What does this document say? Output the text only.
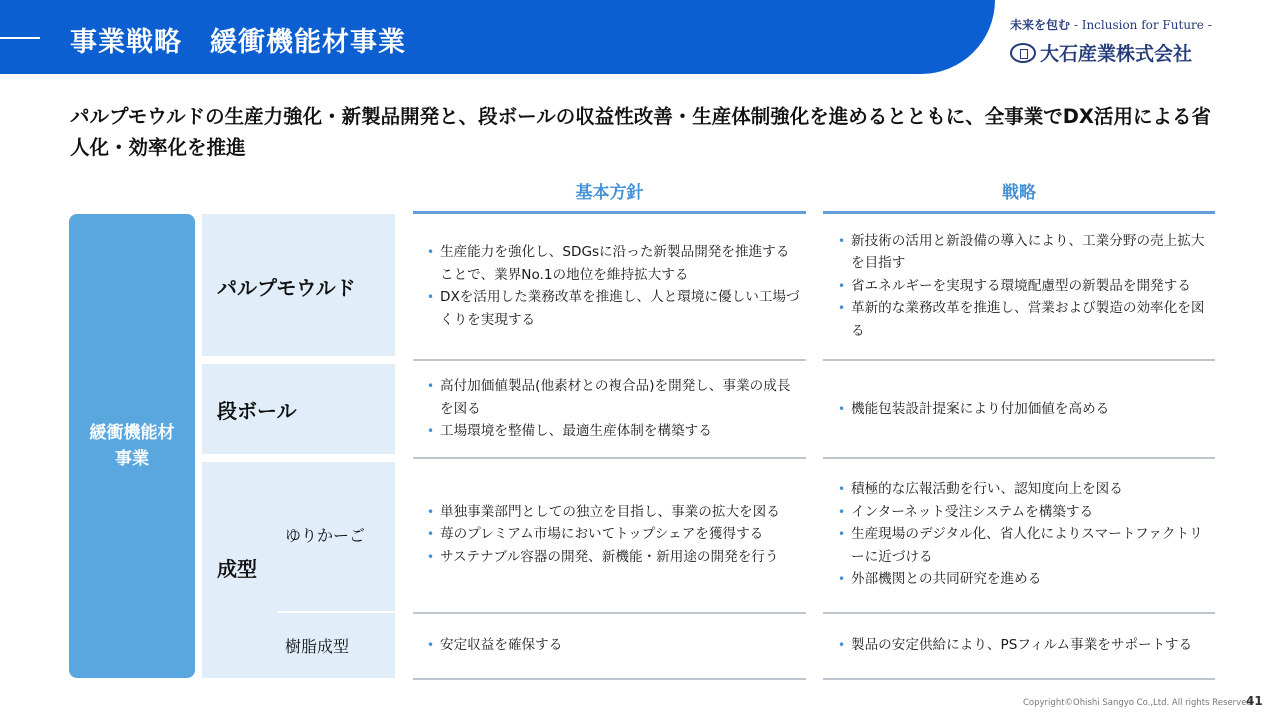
事業戦略　緩衝機能材事業
未来を包む - Inclusion for Future -
大石産業株式会社
パルプモウルドの生産力強化・新製品開発と、段ボールの収益性改善・生産体制強化を進めるとともに、全事業でDX活用による省人化・効率化を推進
基本方針	戦略
緩衝機能材
事業
パルプモウルド
段ボール
成型
ゆりかーご
樹脂成型
• 生産能力を強化し、SDGsに沿った新製品開発を推進することで、業界No.1の地位を維持拡大する
• DXを活用した業務改革を推進し、人と環境に優しい工場づくりを実現する
• 新技術の活用と新設備の導入により、工業分野の売上拡大を目指す
• 省エネルギーを実現する環境配慮型の新製品を開発する
• 革新的な業務改革を推進し、営業および製造の効率化を図る
• 高付加価値製品(他素材との複合品)を開発し、事業の成長を図る
• 工場環境を整備し、最適生産体制を構築する
• 機能包装設計提案により付加価値を高める
• 単独事業部門としての独立を目指し、事業の拡大を図る
• 苺のプレミアム市場においてトップシェアを獲得する
• サステナブル容器の開発、新機能・新用途の開発を行う
• 積極的な広報活動を行い、認知度向上を図る
• インターネット受注システムを構築する
• 生産現場のデジタル化、省人化によりスマートファクトリーに近づける
• 外部機関との共同研究を進める
• 安定収益を確保する
•	製品の安定供給により、PSフィルム事業をサポートする
Copyright©Ohishi Sangyo Co.,Ltd. All rights Reserved
41
